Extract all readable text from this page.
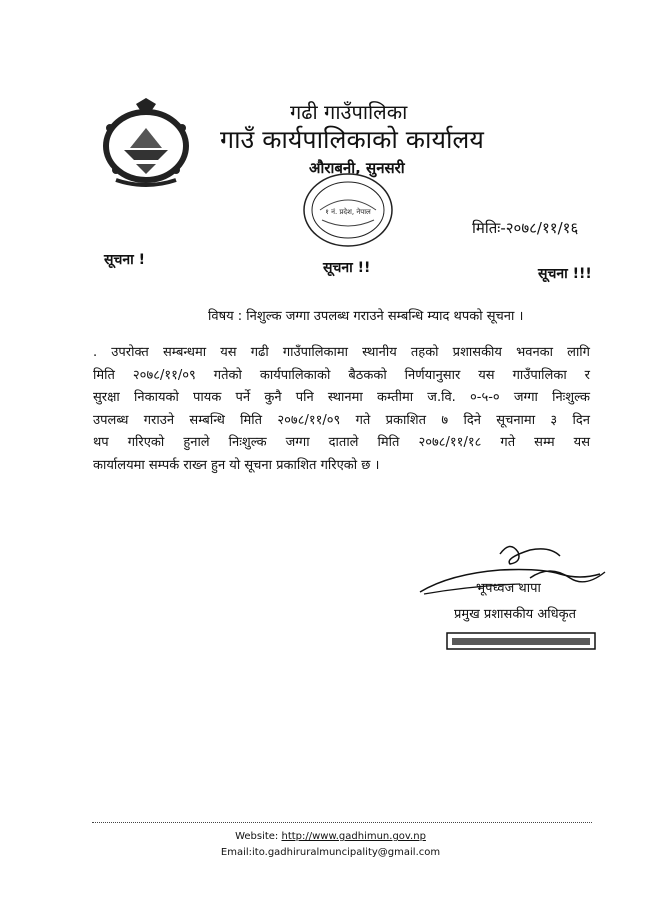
गढी गाउँपालिका
गाउँ कार्यपालिकाको कार्यालय
औराबनी, सुनसरी
१ नं. प्रदेश, नेपाल
मितिः-२०७८/११/१६
सूचना !	सूचना !!	सूचना !!!
विषय : निशुल्क जग्गा उपलब्ध गराउने सम्बन्धि म्याद थपको सूचना ।
. उपरोक्त सम्बन्धमा यस गढी गाउँपालिकामा स्थानीय तहको प्रशासकीय भवनका लागि
मिति २०७८/११/०९ गतेको कार्यपालिकाको बैठकको निर्णयानुसार यस गाउँपालिका र
सुरक्षा निकायको पायक पर्ने कुनै पनि स्थानमा कम्तीमा ज.वि. ०-५-० जग्गा निःशुल्क
उपलब्ध गराउने सम्बन्धि मिति २०७८/११/०९ गते प्रकाशित ७ दिने सूचनामा ३ दिन
थप गरिएको हुनाले निःशुल्क जग्गा दाताले मिति २०७८/११/१८ गते सम्म यस
कार्यालयमा सम्पर्क राख्न हुन यो सूचना प्रकाशित गरिएको छ ।
भूपध्वज थापा
प्रमुख प्रशासकीय अधिकृत
Website: http://www.gadhimun.gov.np
Email:ito.gadhiruralmuncipality@gmail.com
